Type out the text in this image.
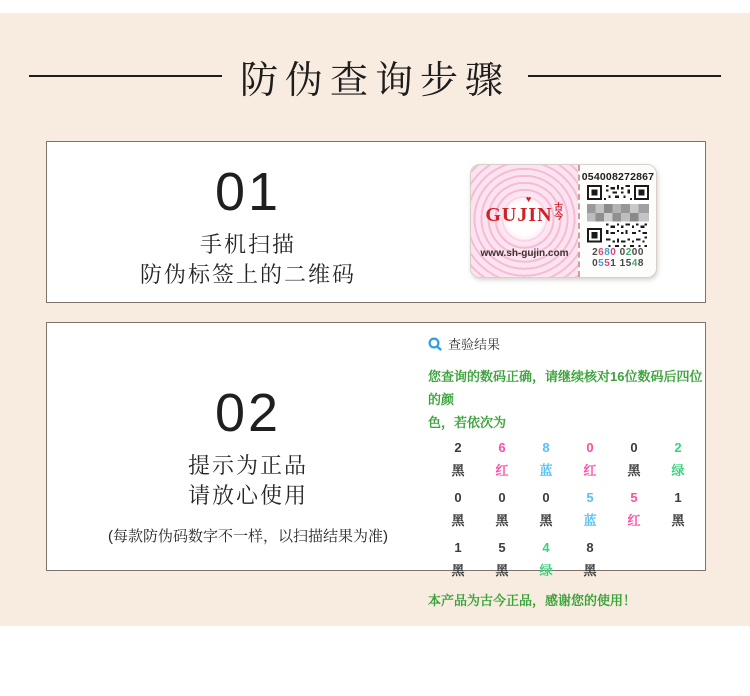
防伪查询步骤
01
手机扫描
防伪标签上的二维码
♥
GUJIN古今
www.sh-gujin.com
054008272867
2680 0200
0551 1548
02
提示为正品
请放心使用
(每款防伪码数字不一样，以扫描结果为准)
查验结果
您查询的数码正确，请继续核对16位数码后四位的颜
色，若依次为
2
黑
6
红
8
蓝
0
红
0
黑
2
绿
0
黑
0
黑
0
黑
5
蓝
5
红
1
黑
1
黑
5
黑
4
绿
8
黑
本产品为古今正品，感谢您的使用！
